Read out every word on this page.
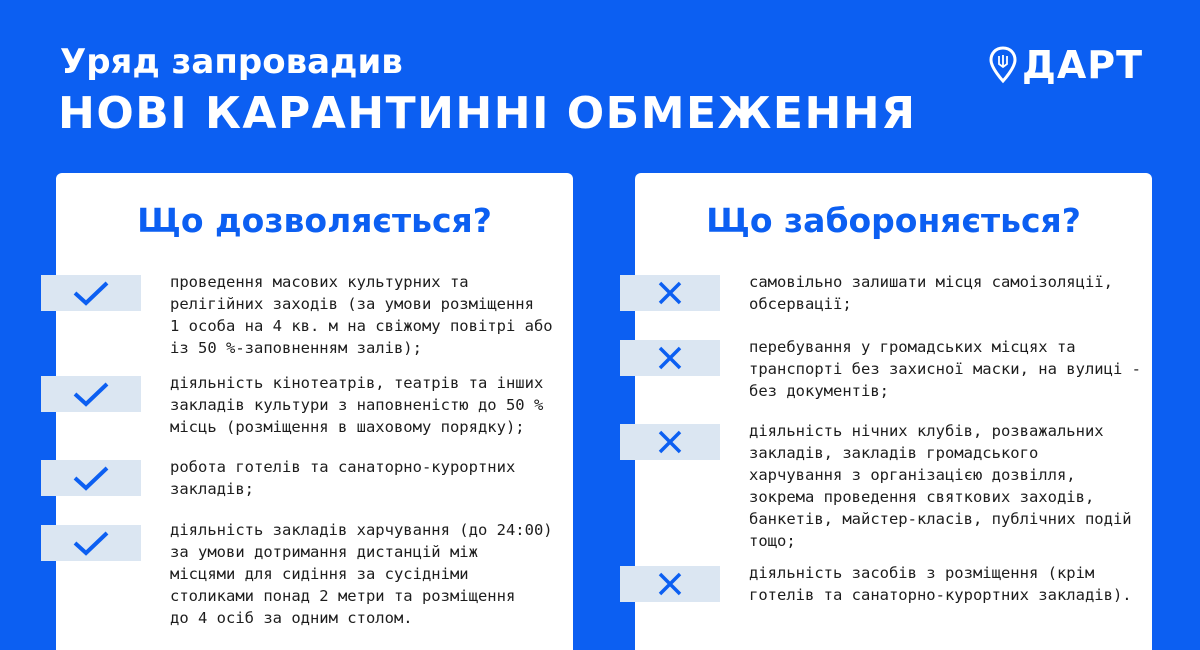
Уряд запровадив
НОВІ КАРАНТИННІ ОБМЕЖЕННЯ
ДАРТ
Що дозволяється?
проведення масових культурних та
релігійних заходів (за умови розміщення
1 особа на 4 кв. м на свіжому повітрі або
із 50 %-заповненням залів);
діяльність кінотеатрів, театрів та інших
закладів культури з наповненістю до 50 %
місць (розміщення в шаховому порядку);
робота готелів та санаторно-курортних
закладів;
діяльність закладів харчування (до 24:00)
за умови дотримання дистанцій між
місцями для сидіння за сусідніми
столиками понад 2 метри та розміщення
до 4 осіб за одним столом.
Що забороняється?
самовільно залишати місця самоізоляції,
обсервації;
перебування у громадських місцях та
транспорті без захисної маски, на вулиці -
без документів;
діяльність нічних клубів, розважальних
закладів, закладів громадського
харчування з організацією дозвілля,
зокрема проведення святкових заходів,
банкетів, майстер-класів, публічних подій
тощо;
діяльність засобів з розміщення (крім
готелів та санаторно-курортних закладів).
